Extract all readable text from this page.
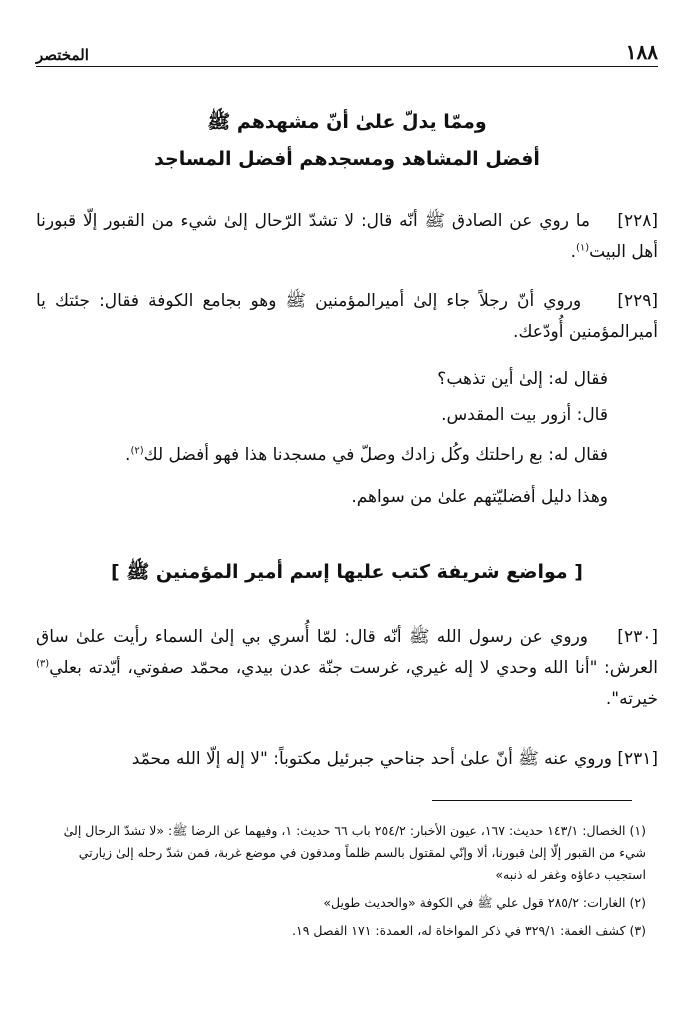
١٨٨
المختصر
وممّا يدلّ علىٰ أنّ مشهدهم ﷺ
أفضل المشاهد ومسجدهم أفضل المساجد
[٢٢٨]    ما روي عن الصادق ﷺ أنّه قال: لا تشدّ الرّحال إلىٰ شيء من القبور إلّا قبورنا أهل البيت$^{(١)}$.
[٢٢٩]    وروي أنّ رجلاً جاء إلىٰ أميرالمؤمنين ﷺ وهو بجامع الكوفة فقال: جئتك يا أميرالمؤمنين أُودّعك.
فقال له: إلىٰ أين تذهب؟
قال: أزور بيت المقدس.
فقال له: بع راحلتك وكُل زادك وصلّ في مسجدنا هذا فهو أفضل لك$^{(٢)}$.
وهذا دليل أفضليّتهم علىٰ من سواهم.
[ مواضع شريفة كتب عليها إسم أمير المؤمنين ﷺ ]
[٢٣٠]    وروي عن رسول الله ﷺ أنّه قال: لمّا أُسري بي إلىٰ السماء رأيت علىٰ ساق العرش: "أنا الله وحدي لا إله غيري، غرست جنّة عدن بيدي، محمّد صفوتي، أيّدته بعلي$^{(٣)}$ خيرته".
[٢٣١] وروي عنه ﷺ أنّ علىٰ أحد جناحي جبرئيل مكتوباً: "لا إله إلّا الله محمّد

(١) الخصال: ١٤٣/١ حديث: ١٦٧، عيون الأخبار: ٢٥٤/٢ باب ٦٦ حديث: ١، وفيهما عن الرضا ﷺ: «لا تشدّ الرحال إلىٰ شيء من القبور إلّا إلىٰ قبورنا، ألا وإنّي لمقتول بالسم ظلماً ومدفون في موضع غربة، فمن شدّ رحله إلىٰ زيارتي استجيب دعاؤه وغفر له ذنبه»

(٢) الغارات: ٢٨٥/٢ قول علي ﷺ في الكوفة «والحديث طويل»

(٣) كشف الغمة: ٣٢٩/١ في ذكر المواخاة له، العمدة: ١٧١ الفصل ١٩.
